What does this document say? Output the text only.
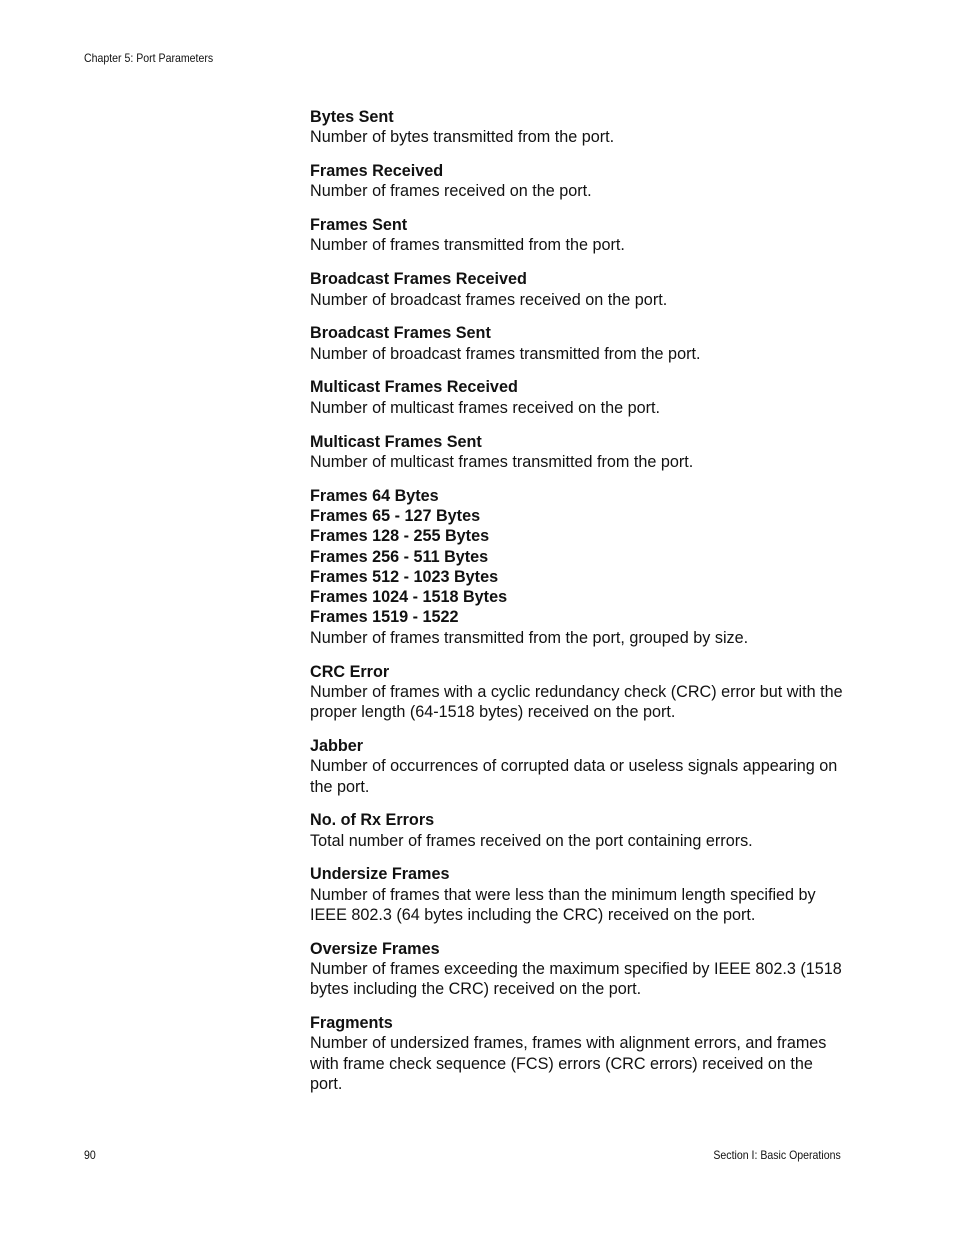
Chapter 5: Port Parameters
Bytes Sent
Number of bytes transmitted from the port.
Frames Received
Number of frames received on the port.
Frames Sent
Number of frames transmitted from the port.
Broadcast Frames Received
Number of broadcast frames received on the port.
Broadcast Frames Sent
Number of broadcast frames transmitted from the port.
Multicast Frames Received
Number of multicast frames received on the port.
Multicast Frames Sent
Number of multicast frames transmitted from the port.
Frames 64 Bytes
Frames 65 - 127 Bytes
Frames 128 - 255 Bytes
Frames 256 - 511 Bytes
Frames 512 - 1023 Bytes
Frames 1024 - 1518 Bytes
Frames 1519 - 1522
Number of frames transmitted from the port, grouped by size.
CRC Error
Number of frames with a cyclic redundancy check (CRC) error but with the proper length (64-1518 bytes) received on the port.
Jabber
Number of occurrences of corrupted data or useless signals appearing on the port.
No. of Rx Errors
Total number of frames received on the port containing errors.
Undersize Frames
Number of frames that were less than the minimum length specified by IEEE 802.3 (64 bytes including the CRC) received on the port.
Oversize Frames
Number of frames exceeding the maximum specified by IEEE 802.3 (1518 bytes including the CRC) received on the port.
Fragments
Number of undersized frames, frames with alignment errors, and frames with frame check sequence (FCS) errors (CRC errors) received on the port.
90	Section I: Basic Operations
